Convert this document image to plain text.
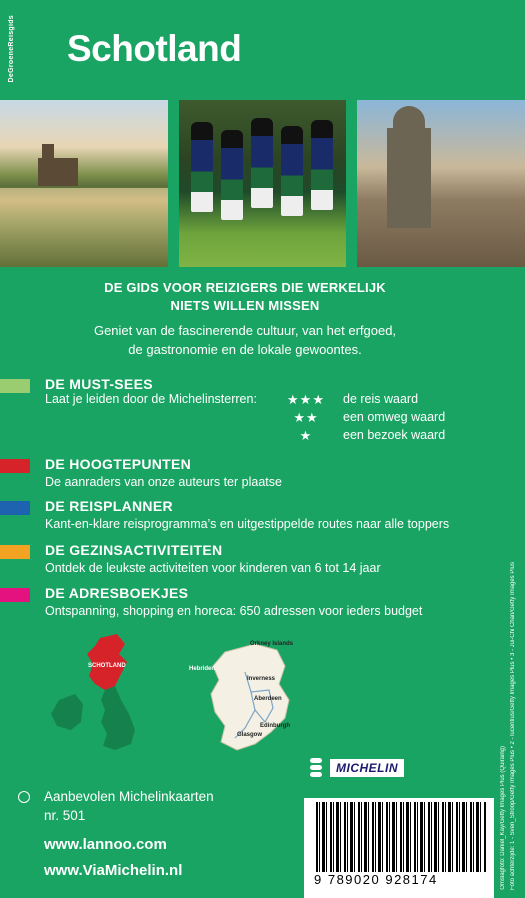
DeGroeneReisgids Schotland
DE GIDS VOOR REIZIGERS DIE WERKELIJK
NIETS WILLEN MISSEN
Geniet van de fascinerende cultuur, van het erfgoed,
de gastronomie en de lokale gewoontes.
DE MUST-SEES
Laat je leiden door de Michelinsterren: ★★★ de reis waard
★★	een omweg waard
★	een bezoek waard
DE HOOGTEPUNTEN
De aanraders van onze auteurs ter plaatse
DE REISPLANNER
Kant-en-klare reisprogramma’s en uitgestippelde routes naar alle toppers
DE GEZINSACTIVITEITEN
Ontdek de leukste activiteiten voor kinderen van 6 tot 14 jaar
DE ADRESBOEKJES
Ontspanning, shopping en horeca: 650 adressen voor ieders budget
SCHOTLAND
Orkney Islands
Hebriden
Inverness
Aberdeen
Edinburgh
Glasgow
MICHELIN
Aanbevolen Michelinkaarten
nr. 501
www.lannoo.com
www.ViaMichelin.nl
9 789020 928174	Omslagfoto: Daniel_Kay/Getty Images Plus (Quiraing) Foto achterzijde: 1 - Sven_Stroop/Getty Images Plus • 2 - lucentius/Getty Images Plus • 3 - Jui-Chi Chan/Getty Images Plus
